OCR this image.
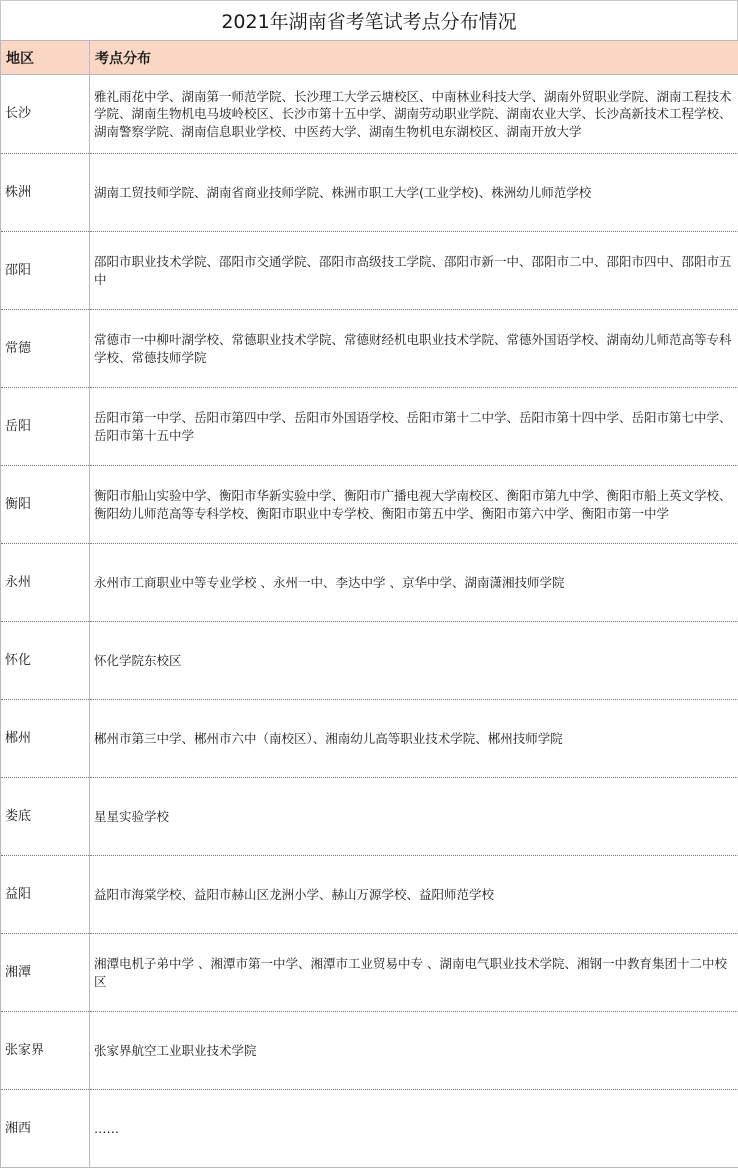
2021年湖南省考笔试考点分布情况
地区	考点分布
长沙	雅礼雨花中学、湖南第一师范学院、长沙理工大学云塘校区、中南林业科技大学、湖南外贸职业学院、湖南工程技术学院、湖南生物机电马坡岭校区、长沙市第十五中学、湖南劳动职业学院、湖南农业大学、长沙高新技术工程学校、湖南警察学院、湖南信息职业学校、中医药大学、湖南生物机电东湖校区、湖南开放大学
株洲	湖南工贸技师学院、湖南省商业技师学院、株洲市职工大学(工业学校)、株洲幼儿师范学校
邵阳	邵阳市职业技术学院、邵阳市交通学院、邵阳市高级技工学院、邵阳市新一中、邵阳市二中、邵阳市四中、邵阳市五中
常德	常德市一中柳叶湖学校、常德职业技术学院、常德财经机电职业技术学院、常德外国语学校、湖南幼儿师范高等专科学校、常德技师学院
岳阳	岳阳市第一中学、岳阳市第四中学、岳阳市外国语学校、岳阳市第十二中学、岳阳市第十四中学、岳阳市第七中学、岳阳市第十五中学
衡阳	衡阳市船山实验中学、衡阳市华新实验中学、衡阳市广播电视大学南校区、衡阳市第九中学、衡阳市船上英文学校、衡阳幼儿师范高等专科学校、衡阳市职业中专学校、衡阳市第五中学、衡阳市第六中学、衡阳市第一中学
永州	永州市工商职业中等专业学校 、永州一中、李达中学 、京华中学、湖南潇湘技师学院
怀化	怀化学院东校区
郴州	郴州市第三中学、郴州市六中（南校区）、湘南幼儿高等职业技术学院、郴州技师学院
娄底	星星实验学校
益阳	益阳市海棠学校、益阳市赫山区龙洲小学、赫山万源学校、益阳师范学校
湘潭	湘潭电机子弟中学 、湘潭市第一中学、湘潭市工业贸易中专 、湖南电气职业技术学院、湘钢一中教育集团十二中校区
张家界	张家界航空工业职业技术学院
湘西	……
